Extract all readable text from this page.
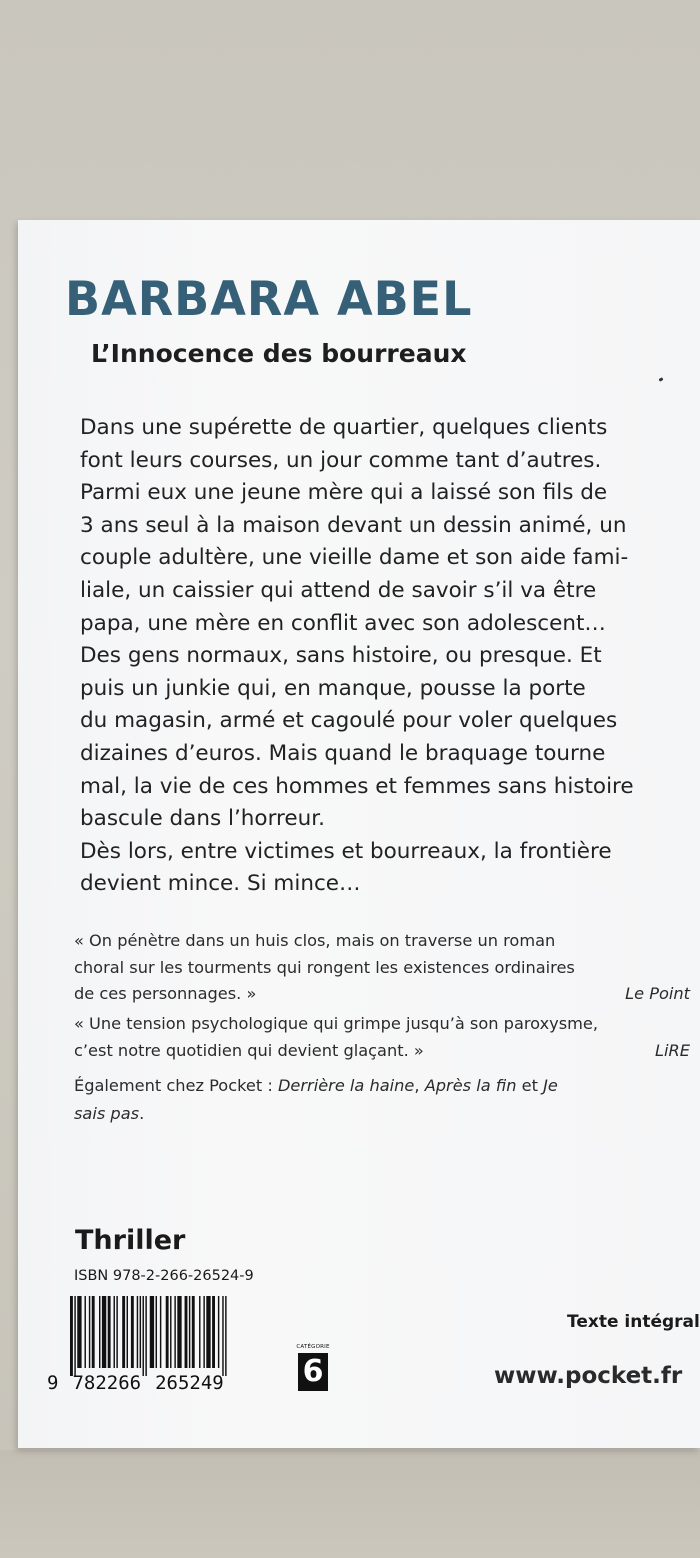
BARBARA ABEL
L’Innocence des bourreaux
Dans une supérette de quartier, quelques clients
font leurs courses, un jour comme tant d’autres.
Parmi eux une jeune mère qui a laissé son fils de
3 ans seul à la maison devant un dessin animé, un
couple adultère, une vieille dame et son aide fami-
liale, un caissier qui attend de savoir s’il va être
papa, une mère en conflit avec son adolescent…
Des gens normaux, sans histoire, ou presque. Et
puis un junkie qui, en manque, pousse la porte
du magasin, armé et cagoulé pour voler quelques
dizaines d’euros. Mais quand le braquage tourne
mal, la vie de ces hommes et femmes sans histoire
bascule dans l’horreur.
Dès lors, entre victimes et bourreaux, la frontière
devient mince. Si mince…
« On pénètre dans un huis clos, mais on traverse un roman
choral sur les tourments qui rongent les existences ordinaires
de ces personnages. »	Le Point
« Une tension psychologique qui grimpe jusqu’à son paroxysme,
c’est notre quotidien qui devient glaçant. »	LiRE
Également chez Pocket : Derrière la haine, Après la fin et Je
sais pas.
Thriller
ISBN 978-2-266-26524-9
9 782266 265249
CATÉGORIE
6
Texte intégral
www.pocket.fr
